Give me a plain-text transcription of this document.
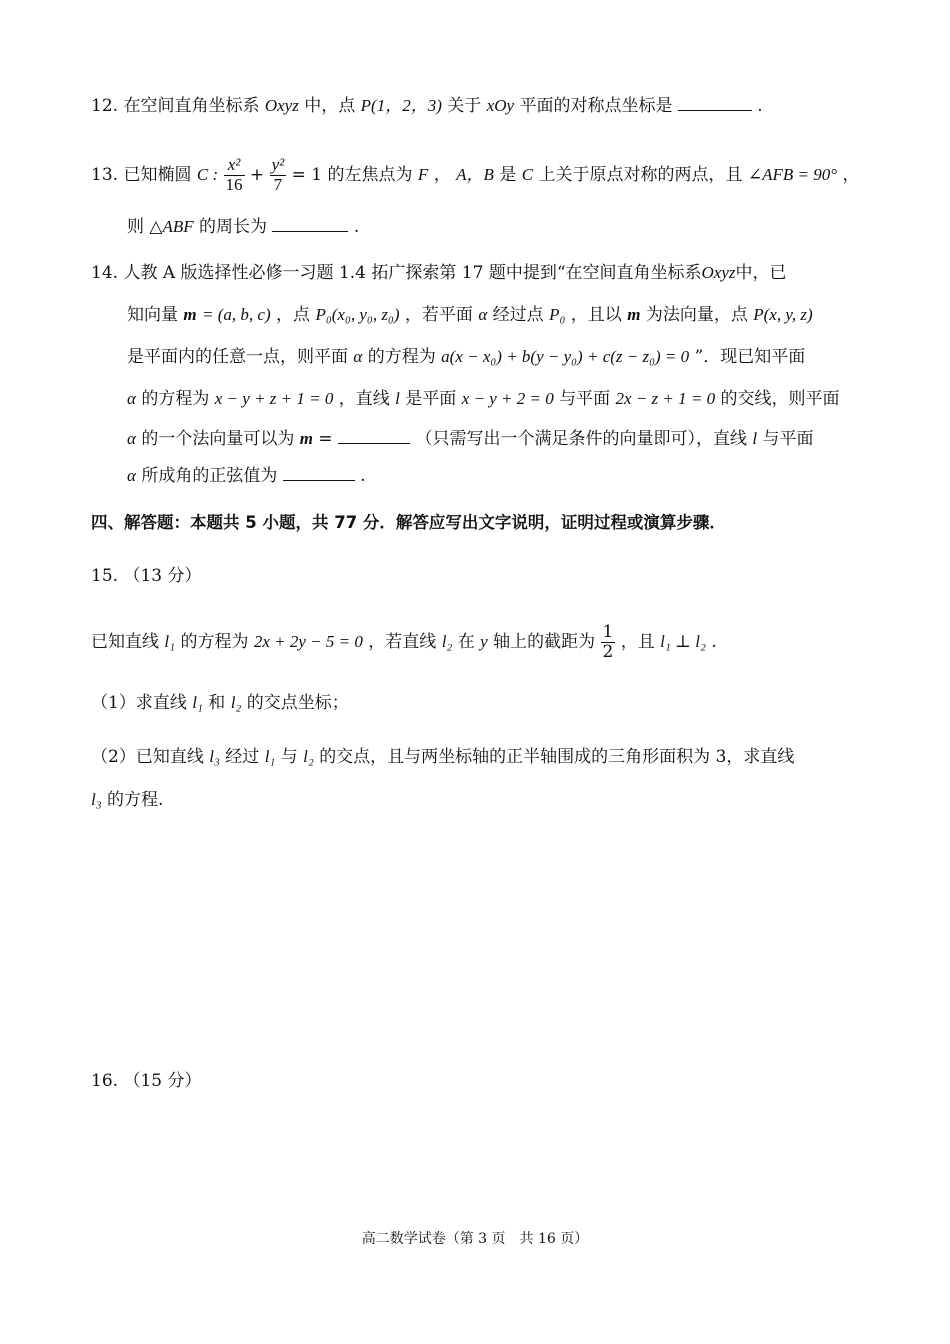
12. 在空间直角坐标系 Oxyz 中，点 P(1，2，3) 关于 xOy 平面的对称点坐标是	.
13. 已知椭圆 C : $\frac{\text{x²}}{16} + \frac{\text{y²}}{7} = 1$ 的左焦点为 F ， A，B 是 C 上关于原点对称的两点，且 ∠AFB = 90° ，
则 △ABF 的周长为	.
14. 人教 A 版选择性必修一习题 1.4 拓广探索第 17 题中提到“在空间直角坐标系Oxyz中，已
知向量 m = (a, b, c) ，点 P₀(x₀, y₀, z₀) ，若平面 α 经过点 P₀ ，且以 m 为法向量，点 P(x, y, z)
是平面内的任意一点，则平面 α 的方程为 a(x − x₀) + b(y − y₀) + c(z − z₀) = 0 ”．现已知平面
α 的方程为 x − y + z + 1 = 0 ，直线 l 是平面 x − y + 2 = 0 与平面 2x − z + 1 = 0 的交线，则平面
α 的一个法向量可以为 m =	（只需写出一个满足条件的向量即可），直线 l 与平面
α 所成角的正弦值为	.
四、解答题：本题共 5 小题，共 77 分．解答应写出文字说明，证明过程或演算步骤．
15. （13 分）
已知直线 l₁ 的方程为 2x + 2y − 5 = 0 ，若直线 l₂ 在 y 轴上的截距为 $\frac{1}{2}$ ，且 l₁ ⊥ l₂ .
（1）求直线 l₁ 和 l₂ 的交点坐标；
（2）已知直线 l₃ 经过 l₁ 与 l₂ 的交点，且与两坐标轴的正半轴围成的三角形面积为 3，求直线
l₃ 的方程.
16. （15 分）
高二数学试卷（第 3 页　共 16 页）
